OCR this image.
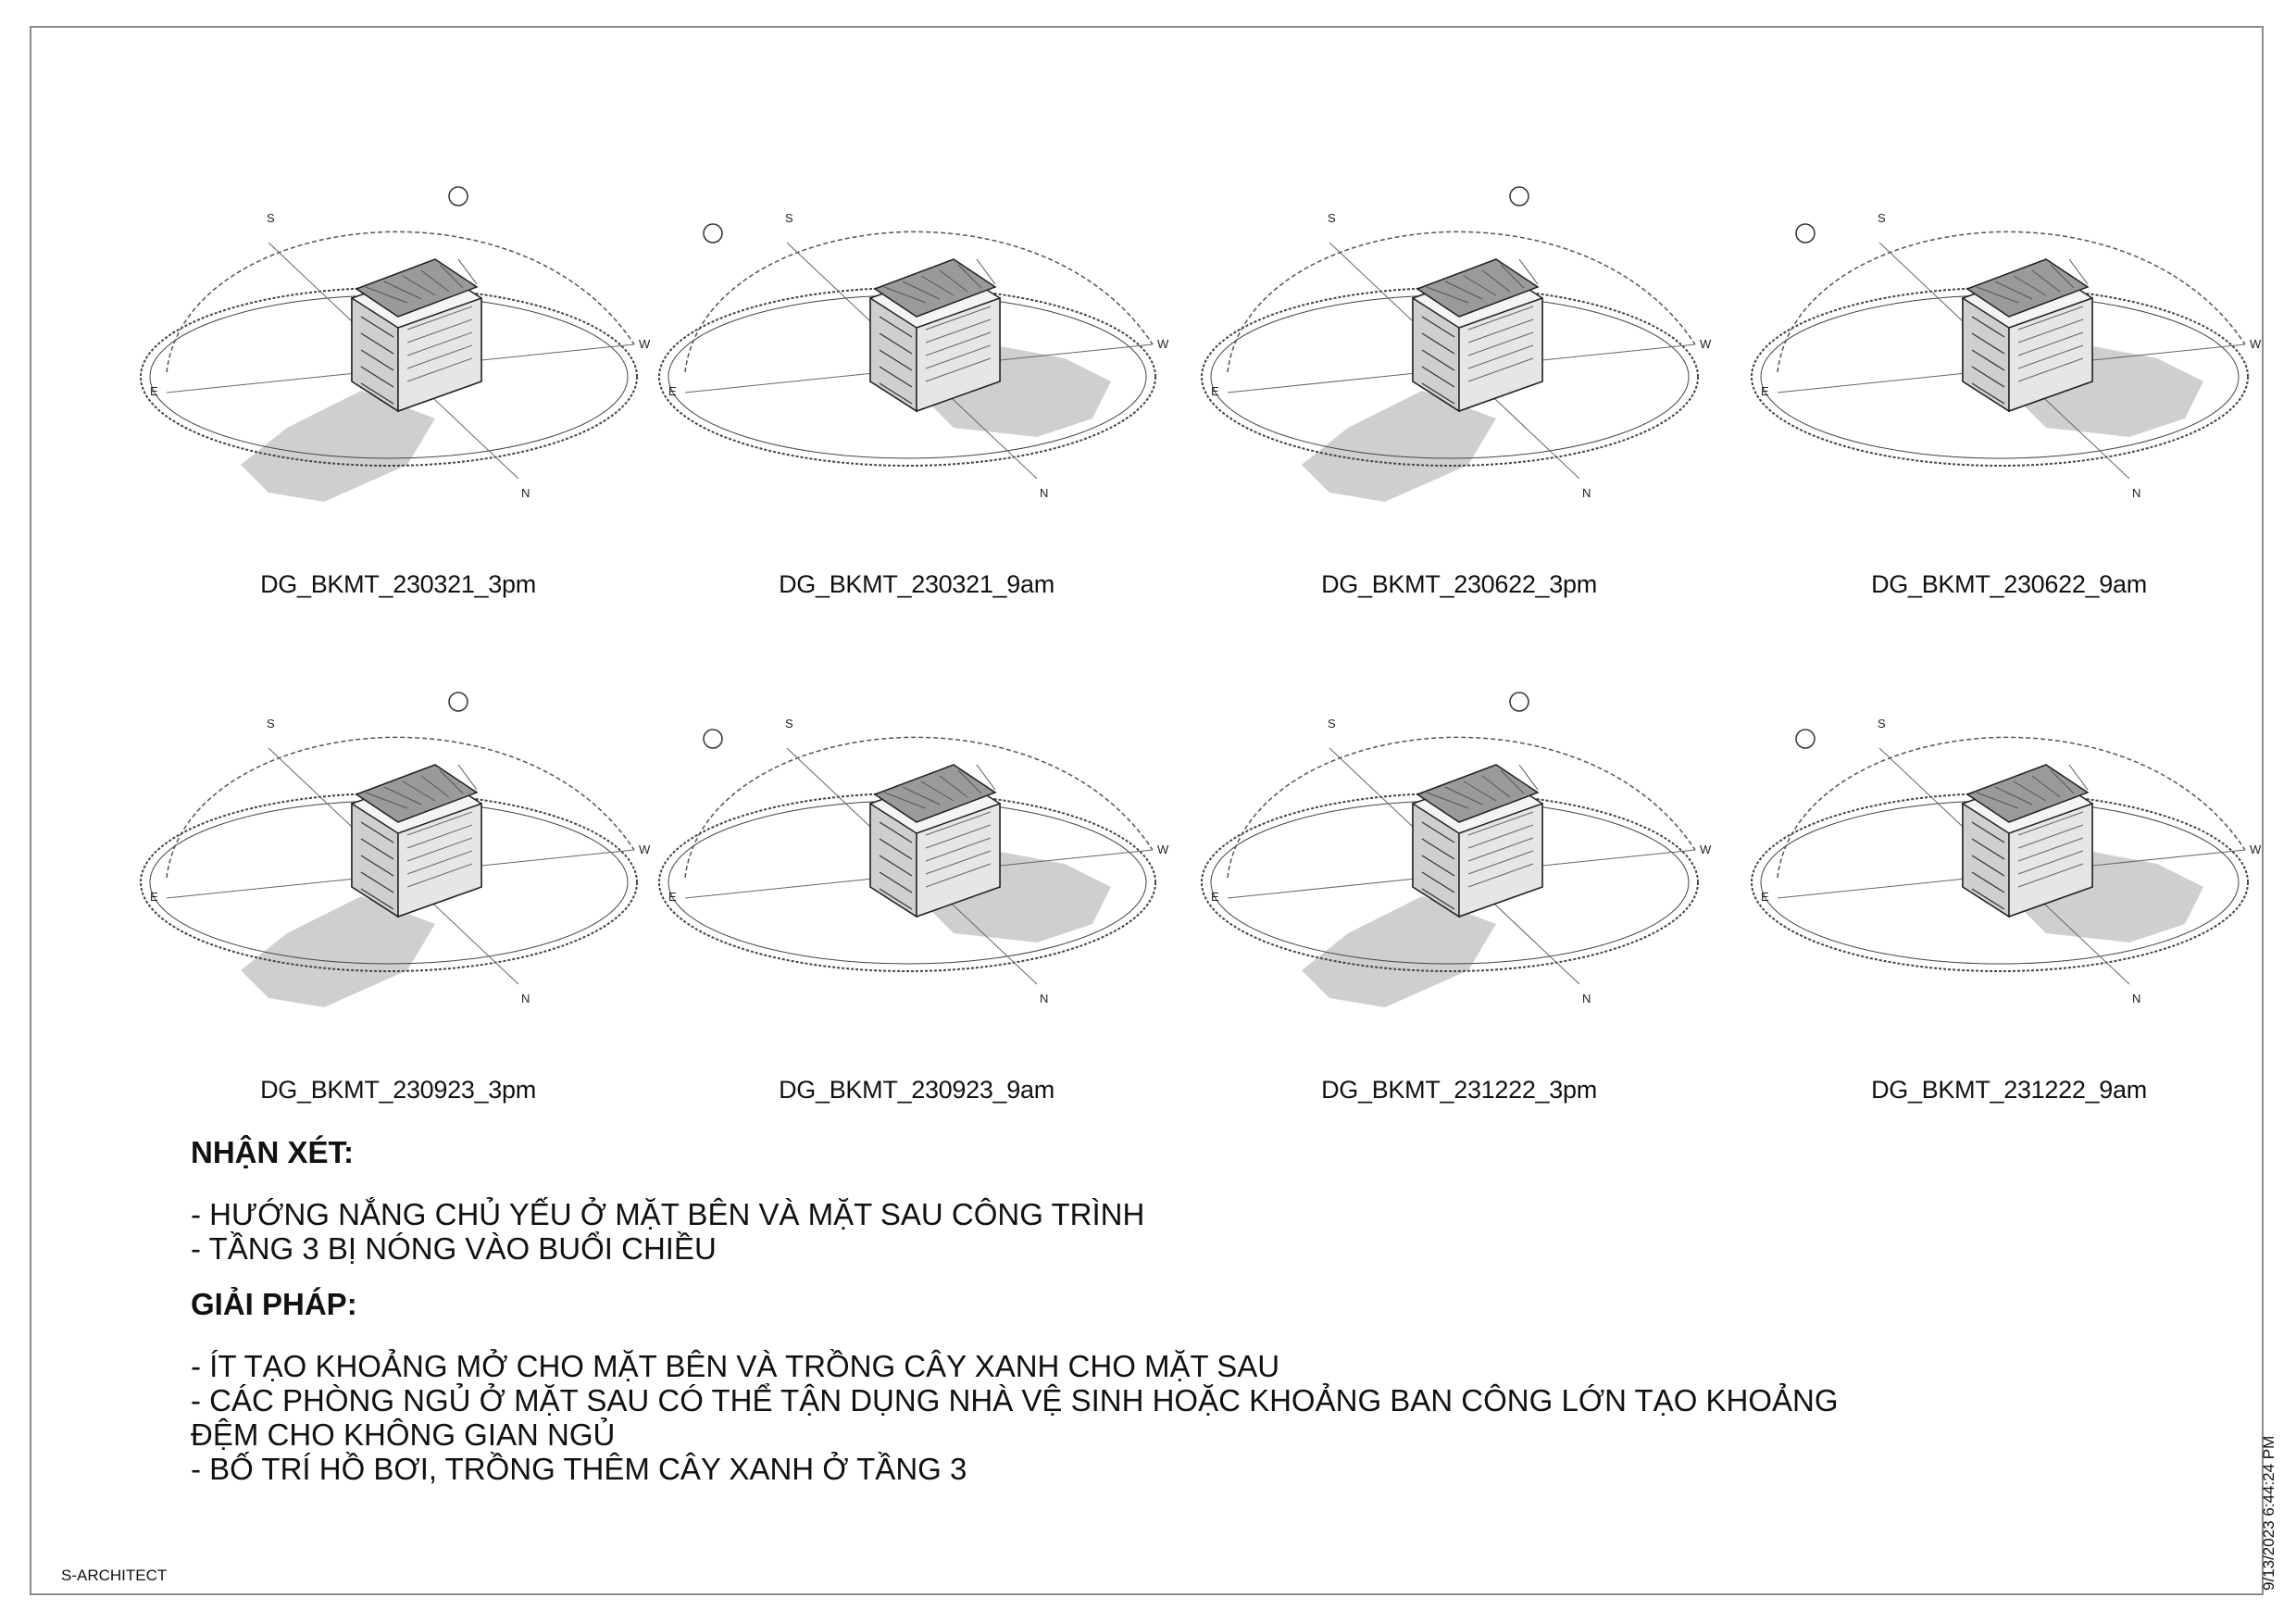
S
W
E
N
DG_BKMT_230321_3pm
S
W
E
N
DG_BKMT_230321_9am
S
W
E
N
DG_BKMT_230622_3pm
S
W
E
N
DG_BKMT_230622_9am
S
W
E
N
DG_BKMT_230923_3pm
S
W
E
N
DG_BKMT_230923_9am
S
W
E
N
DG_BKMT_231222_3pm
S
W
E
N
DG_BKMT_231222_9am

NHẬN XÉT:

- HƯỚNG NẮNG CHỦ YẾU Ở MẶT BÊN VÀ MẶT SAU CÔNG TRÌNH

- TẦNG 3 BỊ NÓNG VÀO BUỔI CHIỀU

GIẢI PHÁP:

- ÍT TẠO KHOẢNG MỞ CHO MẶT BÊN VÀ TRỒNG CÂY XANH CHO MẶT SAU

- CÁC PHÒNG NGỦ Ở MẶT SAU CÓ THỂ TẬN DỤNG NHÀ VỆ SINH HOẶC KHOẢNG BAN CÔNG LỚN TẠO KHOẢNG

ĐỆM CHO KHÔNG GIAN NGỦ

- BỐ TRÍ HỒ BƠI, TRỒNG THÊM CÂY XANH Ở TẦNG 3

S-ARCHITECT	9/13/2023 6:44:24 PM
